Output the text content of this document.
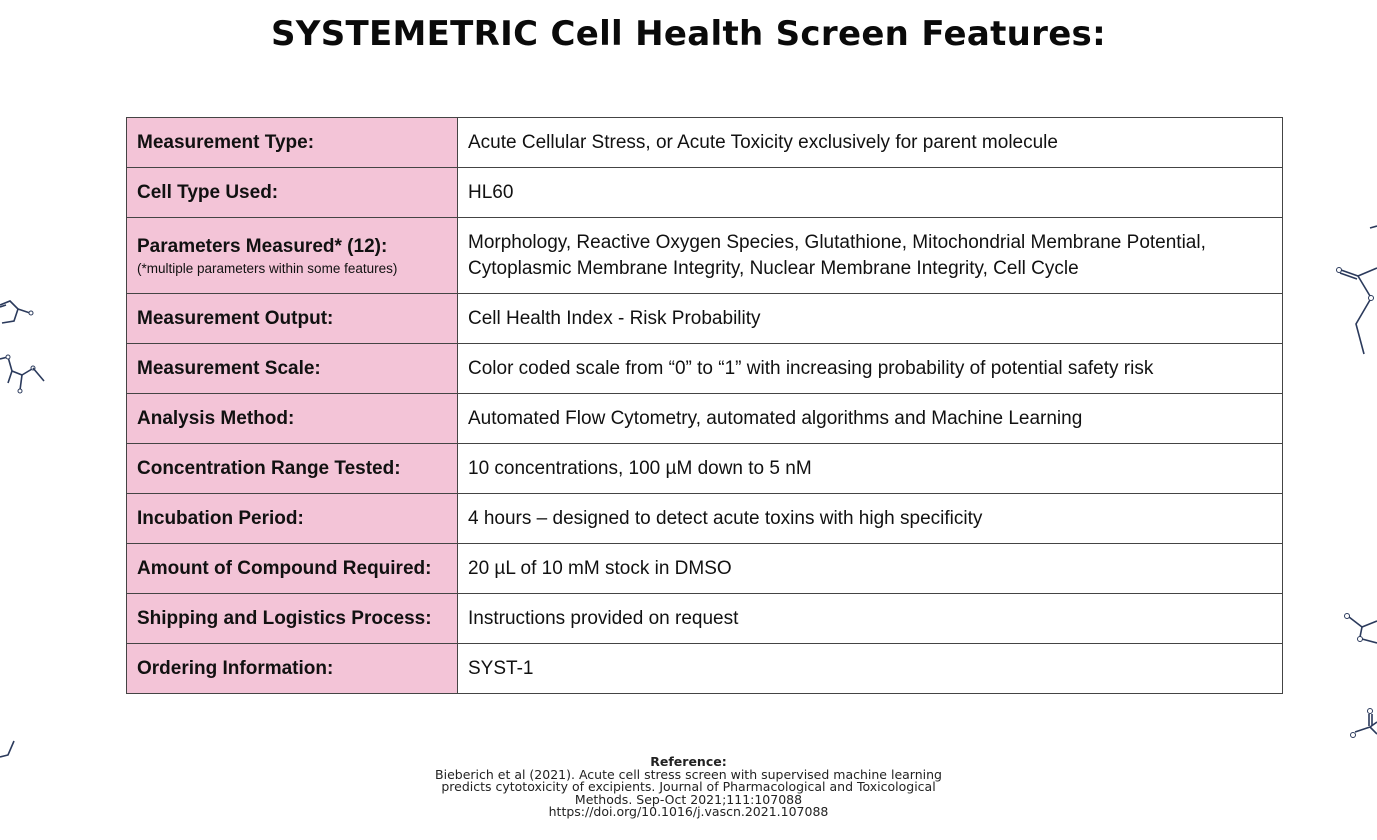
SYSTEMETRIC Cell Health Screen Features:
Measurement Type:	Acute Cellular Stress, or Acute Toxicity exclusively for parent molecule
Cell Type Used:	HL60
Parameters Measured* (12):
(*multiple parameters within some features)	Morphology, Reactive Oxygen Species, Glutathione, Mitochondrial Membrane Potential,
Cytoplasmic Membrane Integrity, Nuclear Membrane Integrity, Cell Cycle

Measurement Output:	Cell Health Index - Risk Probability
Measurement Scale:	Color coded scale from “0” to “1” with increasing probability of potential safety risk
Analysis Method:	Automated Flow Cytometry, automated algorithms and Machine Learning
Concentration Range Tested:	10 concentrations, 100 µM down to 5 nM
Incubation Period:	4 hours – designed to detect acute toxins with high specificity
Amount of Compound Required:	20 µL of 10 mM stock in DMSO
Shipping and Logistics Process:	Instructions provided on request
Ordering Information:	SYST-1
Reference:
Bieberich et al (2021). Acute cell stress screen with supervised machine learning predicts cytotoxicity of excipients. Journal of Pharmacological and Toxicological Methods. Sep-Oct 2021;111:107088
https://doi.org/10.1016/j.vascn.2021.107088
